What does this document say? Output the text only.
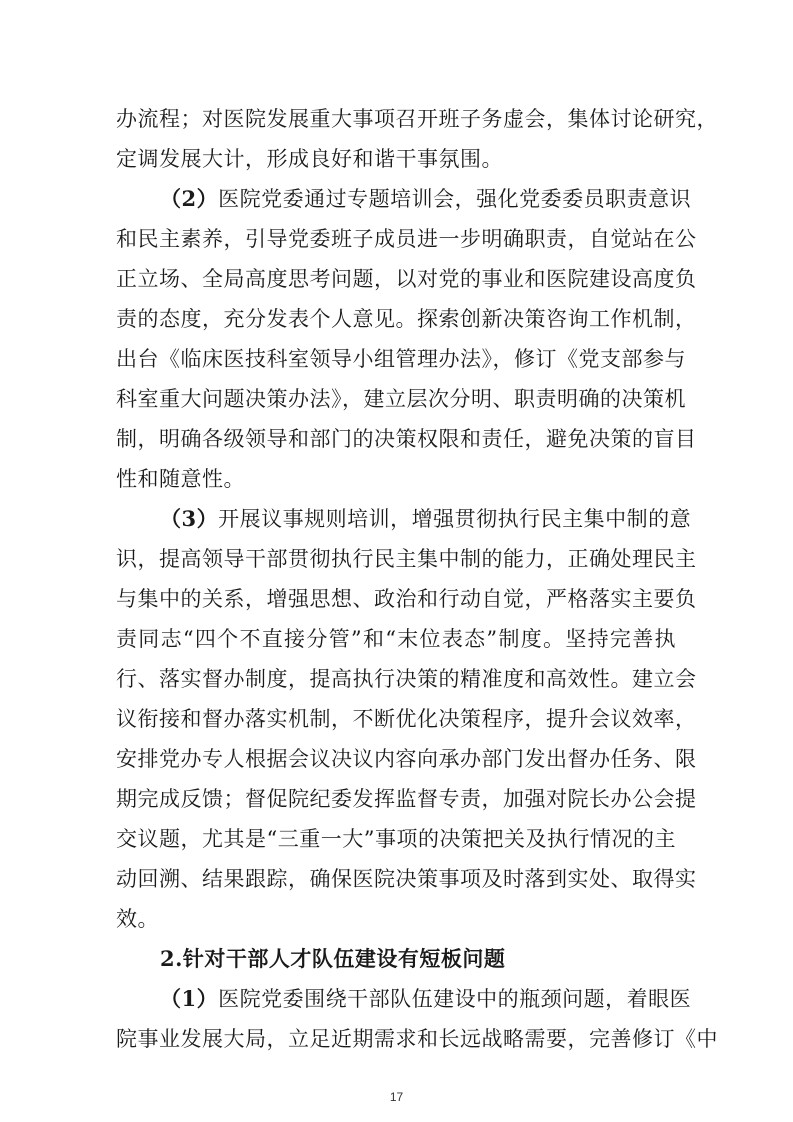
办流程；对医院发展重大事项召开班子务虚会，集体讨论研究，
定调发展大计，形成良好和谐干事氛围。
（2）医院党委通过专题培训会，强化党委委员职责意识
和民主素养，引导党委班子成员进一步明确职责，自觉站在公
正立场、全局高度思考问题，以对党的事业和医院建设高度负
责的态度，充分发表个人意见。探索创新决策咨询工作机制，
出台《临床医技科室领导小组管理办法》，修订《党支部参与
科室重大问题决策办法》，建立层次分明、职责明确的决策机
制，明确各级领导和部门的决策权限和责任，避免决策的盲目
性和随意性。
（3）开展议事规则培训，增强贯彻执行民主集中制的意
识，提高领导干部贯彻执行民主集中制的能力，正确处理民主
与集中的关系，增强思想、政治和行动自觉，严格落实主要负
责同志“四个不直接分管”和“末位表态”制度。坚持完善执
行、落实督办制度，提高执行决策的精准度和高效性。建立会
议衔接和督办落实机制，不断优化决策程序，提升会议效率，
安排党办专人根据会议决议内容向承办部门发出督办任务、限
期完成反馈；督促院纪委发挥监督专责，加强对院长办公会提
交议题，尤其是“三重一大”事项的决策把关及执行情况的主
动回溯、结果跟踪，确保医院决策事项及时落到实处、取得实
效。
2.针对干部人才队伍建设有短板问题
（1）医院党委围绕干部队伍建设中的瓶颈问题，着眼医
院事业发展大局，立足近期需求和长远战略需要，完善修订《中
17
